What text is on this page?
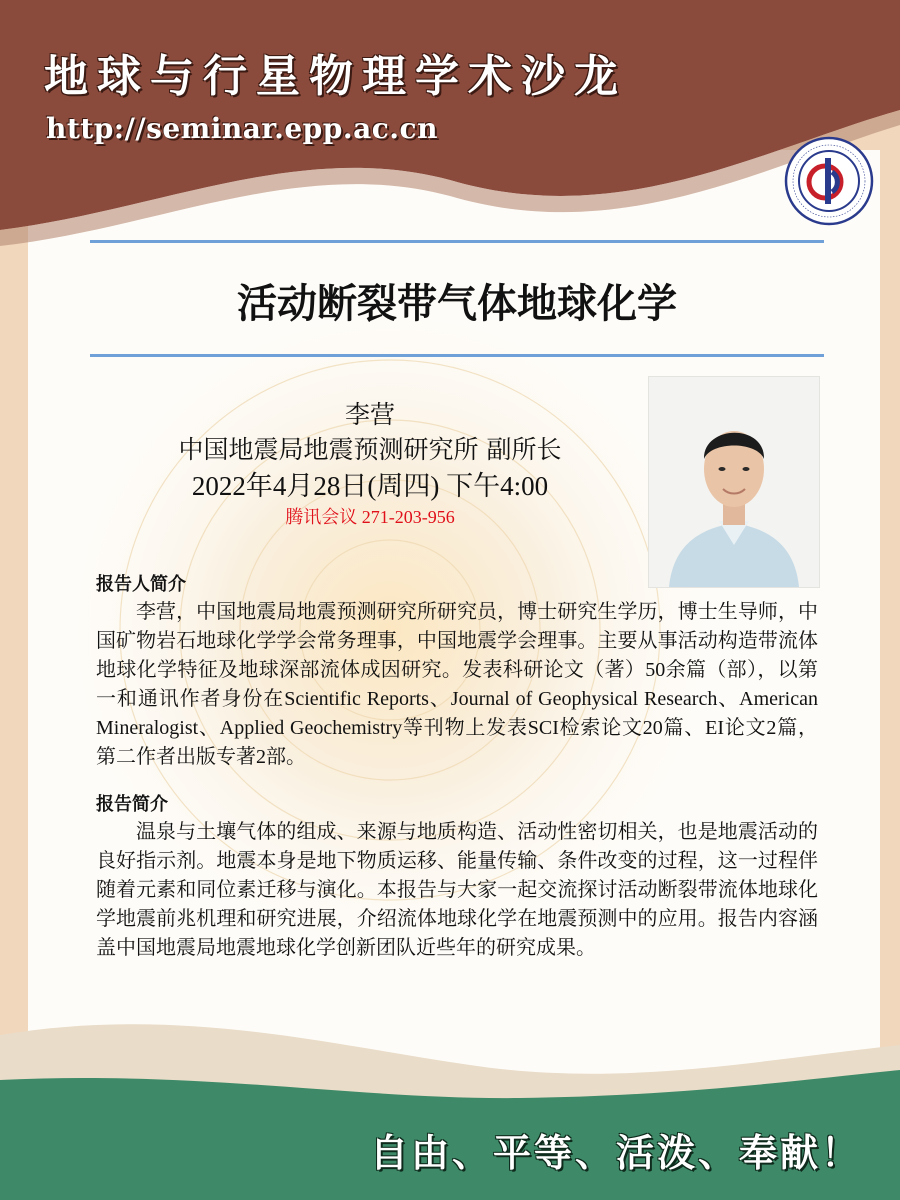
地球与行星物理学术沙龙
http://seminar.epp.ac.cn
活动断裂带气体地球化学
李营
中国地震局地震预测研究所 副所长
2022年4月28日(周四) 下午4:00
腾讯会议 271-203-956
报告人简介

李营，中国地震局地震预测研究所研究员，博士研究生学历，博士生导师，中国矿物岩石地球化学学会常务理事，中国地震学会理事。主要从事活动构造带流体地球化学特征及地球深部流体成因研究。发表科研论文（著）50余篇（部），以第一和通讯作者身份在Scientific Reports、Journal of Geophysical Research、American Mineralogist、Applied Geochemistry等刊物上发表SCI检索论文20篇、EI论文2篇，第二作者出版专著2部。

报告简介

温泉与土壤气体的组成、来源与地质构造、活动性密切相关，也是地震活动的良好指示剂。地震本身是地下物质运移、能量传输、条件改变的过程，这一过程伴随着元素和同位素迁移与演化。本报告与大家一起交流探讨活动断裂带流体地球化学地震前兆机理和研究进展，介绍流体地球化学在地震预测中的应用。报告内容涵盖中国地震局地震地球化学创新团队近些年的研究成果。

自由、平等、活泼、奉献！
